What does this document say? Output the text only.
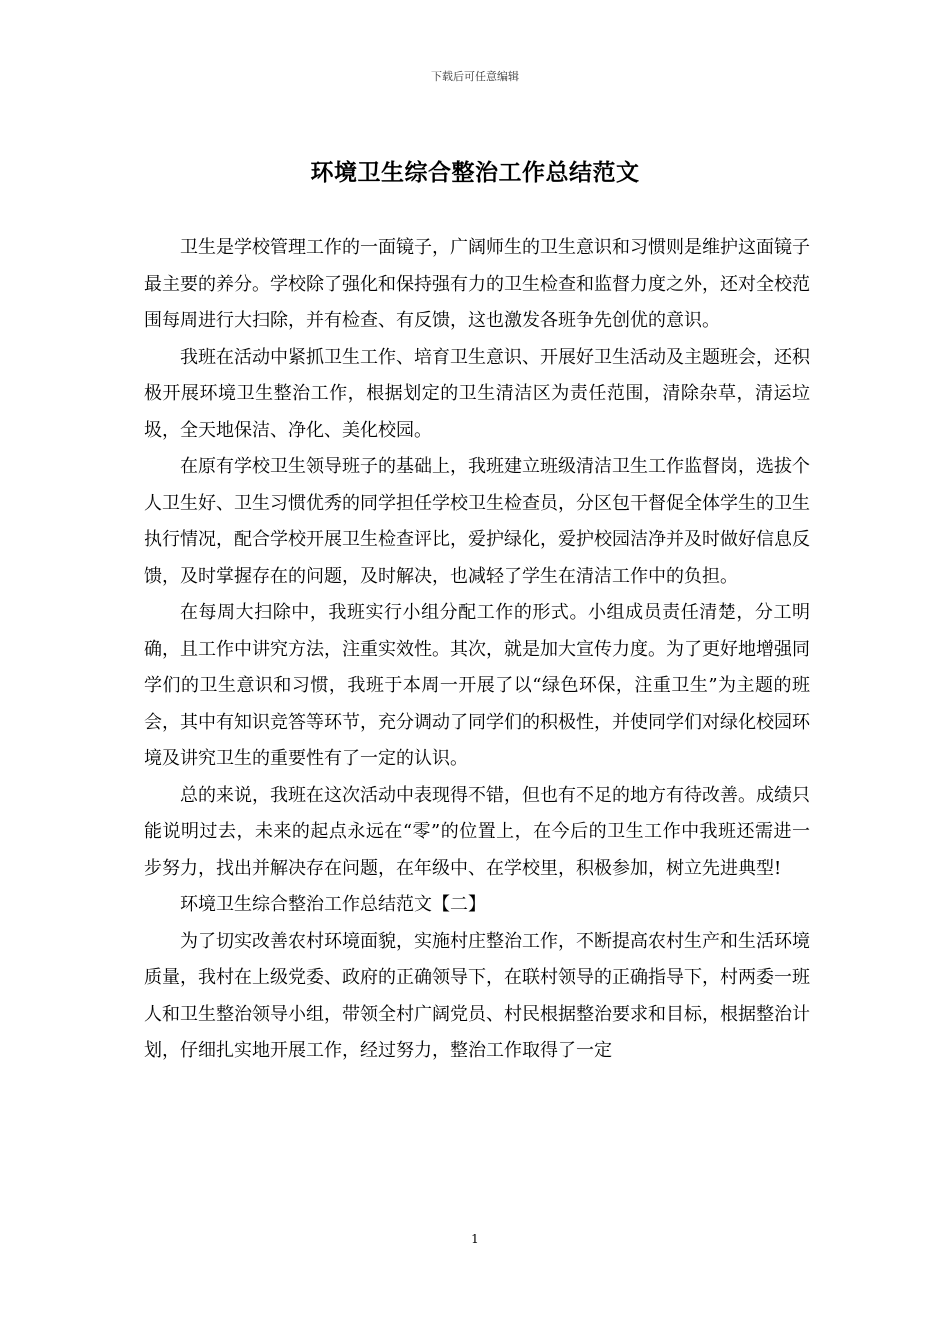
下载后可任意编辑
环境卫生综合整治工作总结范文

卫生是学校管理工作的一面镜子，广阔师生的卫生意识和习惯则是维护这面镜子最主要的养分。学校除了强化和保持强有力的卫生检查和监督力度之外，还对全校范围每周进行大扫除，并有检查、有反馈，这也激发各班争先创优的意识。

我班在活动中紧抓卫生工作、培育卫生意识、开展好卫生活动及主题班会，还积极开展环境卫生整治工作，根据划定的卫生清洁区为责任范围，清除杂草，清运垃圾，全天地保洁、净化、美化校园。

在原有学校卫生领导班子的基础上，我班建立班级清洁卫生工作监督岗，选拔个人卫生好、卫生习惯优秀的同学担任学校卫生检查员，分区包干督促全体学生的卫生执行情况，配合学校开展卫生检查评比，爱护绿化，爱护校园洁净并及时做好信息反馈，及时掌握存在的问题，及时解决，也减轻了学生在清洁工作中的负担。

在每周大扫除中，我班实行小组分配工作的形式。小组成员责任清楚，分工明确，且工作中讲究方法，注重实效性。其次，就是加大宣传力度。为了更好地增强同学们的卫生意识和习惯，我班于本周一开展了以“绿色环保，注重卫生”为主题的班会，其中有知识竞答等环节，充分调动了同学们的积极性，并使同学们对绿化校园环境及讲究卫生的重要性有了一定的认识。

总的来说，我班在这次活动中表现得不错，但也有不足的地方有待改善。成绩只能说明过去，未来的起点永远在“零”的位置上，在今后的卫生工作中我班还需进一步努力，找出并解决存在问题，在年级中、在学校里，积极参加，树立先进典型!

环境卫生综合整治工作总结范文【二】

为了切实改善农村环境面貌，实施村庄整治工作，不断提高农村生产和生活环境质量，我村在上级党委、政府的正确领导下，在联村领导的正确指导下，村两委一班人和卫生整治领导小组，带领全村广阔党员、村民根据整治要求和目标，根据整治计划，仔细扎实地开展工作，经过努力，整治工作取得了一定

1
